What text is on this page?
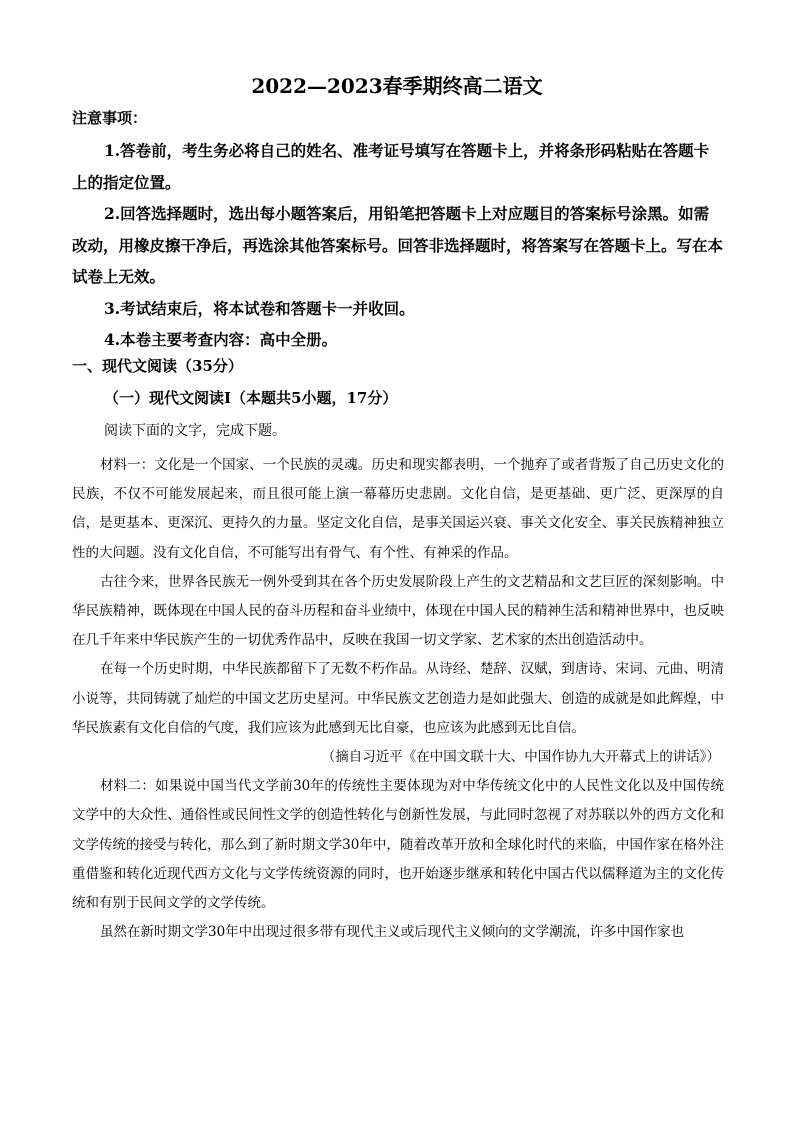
2022—2023春季期终高二语文
注意事项：

1.答卷前，考生务必将自己的姓名、准考证号填写在答题卡上，并将条形码粘贴在答题卡上的指定位置。

2.回答选择题时，选出每小题答案后，用铅笔把答题卡上对应题目的答案标号涂黑。如需改动，用橡皮擦干净后，再选涂其他答案标号。回答非选择题时，将答案写在答题卡上。写在本试卷上无效。

3.考试结束后，将本试卷和答题卡一并收回。

4.本卷主要考查内容：高中全册。

一、现代文阅读（35分）
（一）现代文阅读Ⅰ（本题共5小题，17分）
阅读下面的文字，完成下题。

材料一：文化是一个国家、一个民族的灵魂。历史和现实都表明，一个抛弃了或者背叛了自己历史文化的民族，不仅不可能发展起来，而且很可能上演一幕幕历史悲剧。文化自信，是更基础、更广泛、更深厚的自信，是更基本、更深沉、更持久的力量。坚定文化自信，是事关国运兴衰、事关文化安全、事关民族精神独立性的大问题。没有文化自信，不可能写出有骨气、有个性、有神采的作品。

古往今来，世界各民族无一例外受到其在各个历史发展阶段上产生的文艺精品和文艺巨匠的深刻影响。中华民族精神，既体现在中国人民的奋斗历程和奋斗业绩中，体现在中国人民的精神生活和精神世界中，也反映在几千年来中华民族产生的一切优秀作品中，反映在我国一切文学家、艺术家的杰出创造活动中。

在每一个历史时期，中华民族都留下了无数不朽作品。从诗经、楚辞、汉赋，到唐诗、宋词、元曲、明清小说等，共同铸就了灿烂的中国文艺历史星河。中华民族文艺创造力是如此强大、创造的成就是如此辉煌，中华民族素有文化自信的气度，我们应该为此感到无比自豪，也应该为此感到无比自信。

（摘自习近平《在中国文联十大、中国作协九大开幕式上的讲话》）

材料二：如果说中国当代文学前30年的传统性主要体现为对中华传统文化中的人民性文化以及中国传统文学中的大众性、通俗性或民间性文学的创造性转化与创新性发展，与此同时忽视了对苏联以外的西方文化和文学传统的接受与转化，那么到了新时期文学30年中，随着改革开放和全球化时代的来临，中国作家在格外注重借鉴和转化近现代西方文化与文学传统资源的同时，也开始逐步继承和转化中国古代以儒释道为主的文化传统和有别于民间文学的文学传统。

虽然在新时期文学30年中出现过很多带有现代主义或后现代主义倾向的文学潮流，许多中国作家也
